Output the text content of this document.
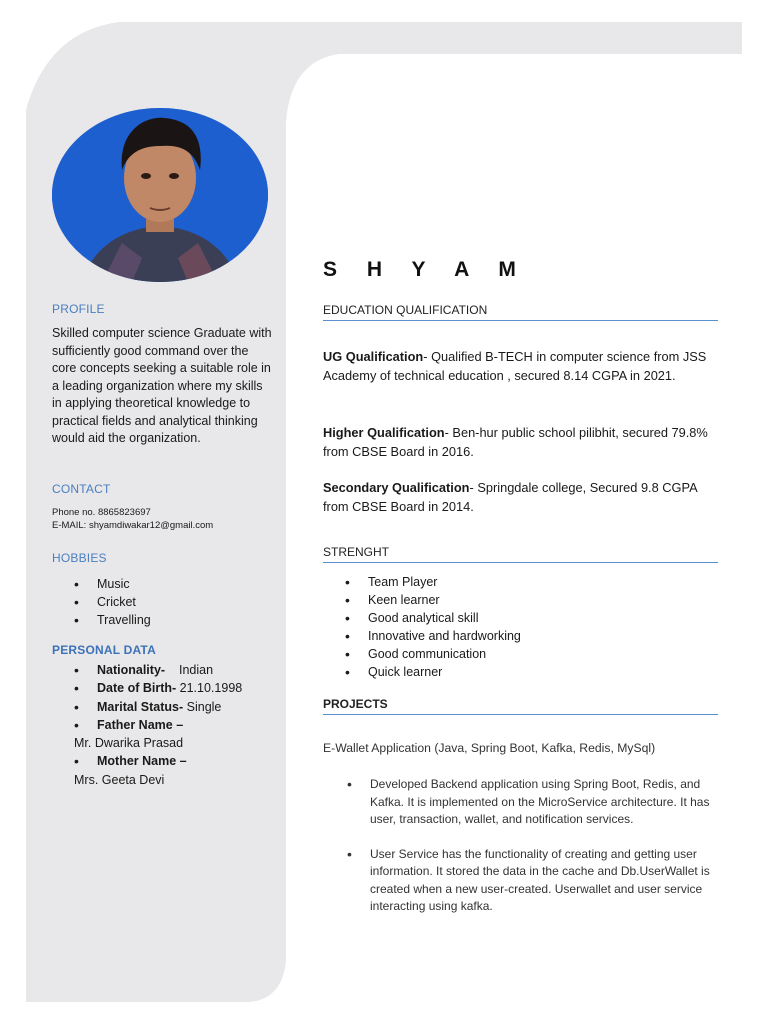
PROFILE
Skilled computer science Graduate with sufficiently good command over the core concepts seeking a suitable role in a leading organization where my skills in applying theoretical knowledge to practical fields and analytical thinking would aid the organization.
CONTACT
Phone no. 8865823697
E-MAIL: shyamdiwakar12@gmail.com
HOBBIES
• Music
• Cricket
• Travelling
PERSONAL DATA
• Nationality- Indian
• Date of Birth- 21.10.1998
• Marital Status- Single
• Father Name –
Mr. Dwarika Prasad
• Mother Name –
Mrs. Geeta Devi
S H Y A M
EDUCATION QUALIFICATION
UG Qualification- Qualified B-TECH in computer science from JSS Academy of technical education , secured 8.14 CGPA in 2021.
Higher Qualification- Ben-hur public school pilibhit, secured 79.8% from CBSE Board in 2016.
Secondary Qualification- Springdale college, Secured 9.8 CGPA from CBSE Board in 2014.
STRENGHT
• Team Player
• Keen learner
• Good analytical skill
• Innovative and hardworking
• Good communication
• Quick learner
PROJECTS
E-Wallet Application (Java, Spring Boot, Kafka, Redis, MySql)
• Developed Backend application using Spring Boot, Redis, and Kafka. It is implemented on the MicroService architecture. It has user, transaction, wallet, and notification services.
• User Service has the functionality of creating and getting user information. It stored the data in the cache and Db.UserWallet is created when a new user-created. Userwallet and user service interacting using kafka.
